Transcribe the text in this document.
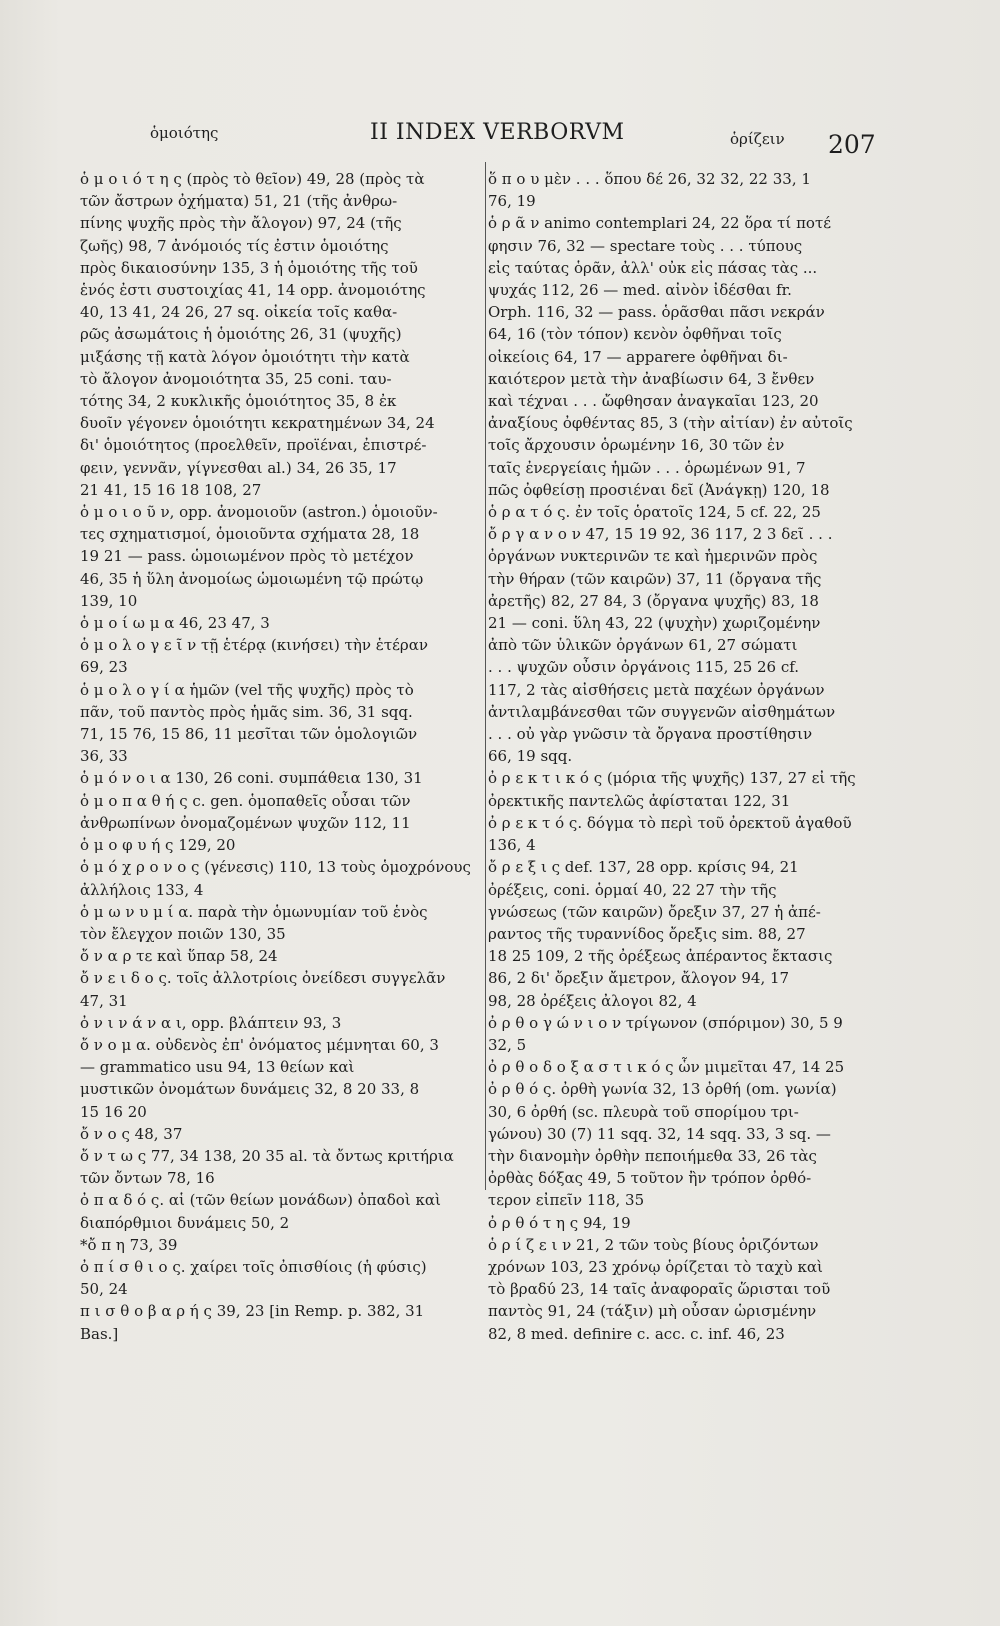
ὁμοιότης	II INDEX VERBORVM	ὁρίζειν 207
ὁ μ ο ι ό τ η ς (πρὸς τὸ θεῖον) 49, 28 (πρὸς τὰ
τῶν ἄστρων ὀχήματα) 51, 21 (τῆς ἀνθρω-
πίνης ψυχῆς πρὸς τὴν ἄλογον) 97, 24 (τῆς
ζωῆς) 98, 7 ἀνόμοιός τίς ἐστιν ὁμοιότης
πρὸς δικαιοσύνην 135, 3 ἡ ὁμοιότης τῆς τοῦ
ἑνός ἐστι συστοιχίας 41, 14 opp. ἀνομοιότης
40, 13 41, 24 26, 27 sq. οἰκεία τοῖς καθα-
ρῶς ἀσωμάτοις ἡ ὁμοιότης 26, 31 (ψυχῆς)
μιξάσης τῇ κατὰ λόγον ὁμοιότητι τὴν κατὰ
τὸ ἄλογον ἀνομοιότητα 35, 25 coni. ταυ-
τότης 34, 2 κυκλικῆς ὁμοιότητος 35, 8 ἐκ
δυοῖν γέγονεν ὁμοιότητι κεκρατημένων 34, 24
δι' ὁμοιότητος (προελθεῖν, προϊέναι, ἐπιστρέ-
φειν, γεννᾶν, γίγνεσθαι al.) 34, 26 35, 17
21 41, 15 16 18 108, 27
ὁ μ ο ι ο ῦ ν, opp. ἀνομοιοῦν (astron.) ὁμοιοῦν-
τες σχηματισμοί, ὁμοιοῦντα σχήματα 28, 18
19 21 — pass. ὡμοιωμένον πρὸς τὸ μετέχον
46, 35 ἡ ὕλη ἀνομοίως ὡμοιωμένη τῷ πρώτῳ
139, 10
ὁ μ ο ί ω μ α 46, 23 47, 3
ὁ μ ο λ ο γ ε ῖ ν τῇ ἑτέρᾳ (κινήσει) τὴν ἑτέραν
69, 23
ὁ μ ο λ ο γ ί α ἡμῶν (vel τῆς ψυχῆς) πρὸς τὸ
πᾶν, τοῦ παντὸς πρὸς ἡμᾶς sim. 36, 31 sqq.
71, 15 76, 15 86, 11 μεσῖται τῶν ὁμολογιῶν
36, 33
ὁ μ ό ν ο ι α 130, 26 coni. συμπάθεια 130, 31
ὁ μ ο π α θ ή ς c. gen. ὁμοπαθεῖς οὖσαι τῶν
ἀνθρωπίνων ὀνομαζομένων ψυχῶν 112, 11
ὁ μ ο φ υ ή ς 129, 20
ὁ μ ό χ ρ ο ν ο ς (γένεσις) 110, 13 τοὺς ὁμοχρόνους
ἀλλήλοις 133, 4
ὁ μ ω ν υ μ ί α. παρὰ τὴν ὁμωνυμίαν τοῦ ἑνὸς
τὸν ἔλεγχον ποιῶν 130, 35
ὄ ν α ρ τε καὶ ὕπαρ 58, 24
ὄ ν ε ι δ ο ς. τοῖς ἀλλοτρίοις ὀνείδεσι συγγελᾶν
47, 31
ὀ ν ι ν ά ν α ι, opp. βλάπτειν 93, 3
ὄ ν ο μ α. οὐδενὸς ἐπ' ὀνόματος μέμνηται 60, 3
— grammatico usu 94, 13 θείων καὶ
μυστικῶν ὀνομάτων δυνάμεις 32, 8 20 33, 8
15 16 20
ὄ ν ο ς 48, 37
ὄ ν τ ω ς 77, 34 138, 20 35 al. τὰ ὄντως κριτήρια
τῶν ὄντων 78, 16
ὀ π α δ ό ς. αἱ (τῶν θείων μονάδων) ὀπαδοὶ καὶ
διαπόρθμιοι δυνάμεις 50, 2
*ὄ π η 73, 39
ὀ π ί σ θ ι ο ς. χαίρει τοῖς ὀπισθίοις (ἡ φύσις)
50, 24
π ι σ θ ο β α ρ ή ς 39, 23 [in Remp. p. 382, 31
Bas.]
ὅ π ο υ μὲν . . . ὅπου δέ 26, 32 32, 22 33, 1
76, 19
ὁ ρ ᾶ ν animo contemplari 24, 22 ὅρα τί ποτέ
φησιν 76, 32 — spectare τοὺς . . . τύπους
εἰς ταύτας ὁρᾶν, ἀλλ' οὐκ εἰς πάσας τὰς ...
ψυχάς 112, 26 — med. αἰνὸν ἰδέσθαι fr.
Orph. 116, 32 — pass. ὁρᾶσθαι πᾶσι νεκράν
64, 16 (τὸν τόπον) κενὸν ὀφθῆναι τοῖς
οἰκείοις 64, 17 — apparere ὀφθῆναι δι-
καιότερον μετὰ τὴν ἀναβίωσιν 64, 3 ἔνθεν
καὶ τέχναι . . . ὤφθησαν ἀναγκαῖαι 123, 20
ἀναξίους ὀφθέντας 85, 3 (τὴν αἰτίαν) ἐν αὐτοῖς
τοῖς ἄρχουσιν ὁρωμένην 16, 30 τῶν ἐν
ταῖς ἐνεργείαις ἡμῶν . . . ὁρωμένων 91, 7
πῶς ὀφθείσῃ προσιέναι δεῖ (Ἀνάγκῃ) 120, 18
ὁ ρ α τ ό ς. ἐν τοῖς ὁρατοῖς 124, 5 cf. 22, 25
ὄ ρ γ α ν ο ν 47, 15 19 92, 36 117, 2 3 δεῖ . . .
ὀργάνων νυκτερινῶν τε καὶ ἡμερινῶν πρὸς
τὴν θήραν (τῶν καιρῶν) 37, 11 (ὄργανα τῆς
ἀρετῆς) 82, 27 84, 3 (ὄργανα ψυχῆς) 83, 18
21 — coni. ὕλη 43, 22 (ψυχὴν) χωριζομένην
ἀπὸ τῶν ὑλικῶν ὀργάνων 61, 27 σώματι
. . . ψυχῶν οὖσιν ὀργάνοις 115, 25 26 cf.
117, 2 τὰς αἰσθήσεις μετὰ παχέων ὀργάνων
ἀντιλαμβάνεσθαι τῶν συγγενῶν αἰσθημάτων
. . . οὐ γὰρ γνῶσιν τὰ ὄργανα προστίθησιν
66, 19 sqq.
ὀ ρ ε κ τ ι κ ό ς (μόρια τῆς ψυχῆς) 137, 27 εἰ τῆς
ὀρεκτικῆς παντελῶς ἀφίσταται 122, 31
ὀ ρ ε κ τ ό ς. δόγμα τὸ περὶ τοῦ ὀρεκτοῦ ἀγαθοῦ
136, 4
ὄ ρ ε ξ ι ς def. 137, 28 opp. κρίσις 94, 21
ὀρέξεις, coni. ὁρμαί 40, 22 27 τὴν τῆς
γνώσεως (τῶν καιρῶν) ὄρεξιν 37, 27 ἡ ἀπέ-
ραντος τῆς τυραννίδος ὄρεξις sim. 88, 27
18 25 109, 2 τῆς ὀρέξεως ἀπέραντος ἔκτασις
86, 2 δι' ὄρεξιν ἄμετρον, ἄλογον 94, 17
98, 28 ὀρέξεις ἀλογοι 82, 4
ὀ ρ θ ο γ ώ ν ι ο ν τρίγωνον (σπόριμον) 30, 5 9
32, 5
ὀ ρ θ ο δ ο ξ α σ τ ι κ ό ς ὧν μιμεῖται 47, 14 25
ὀ ρ θ ό ς. ὀρθὴ γωνία 32, 13 ὀρθή (om. γωνία)
30, 6 ὀρθή (sc. πλευρὰ τοῦ σπορίμου τρι-
γώνου) 30 (7) 11 sqq. 32, 14 sqq. 33, 3 sq. —
τὴν διανομὴν ὀρθὴν πεποιήμεθα 33, 26 τὰς
ὀρθὰς δόξας 49, 5 τοῦτον ἢν τρόπον ὀρθό-
τερον εἰπεῖν 118, 35
ὀ ρ θ ό τ η ς 94, 19
ὁ ρ ί ζ ε ι ν 21, 2 τῶν τοὺς βίους ὁριζόντων
χρόνων 103, 23 χρόνῳ ὁρίζεται τὸ ταχὺ καὶ
τὸ βραδύ 23, 14 ταῖς ἀναφοραῖς ὥρισται τοῦ
παντὸς 91, 24 (τάξιν) μὴ οὖσαν ὡρισμένην
82, 8 med. definire c. acc. c. inf. 46, 23
